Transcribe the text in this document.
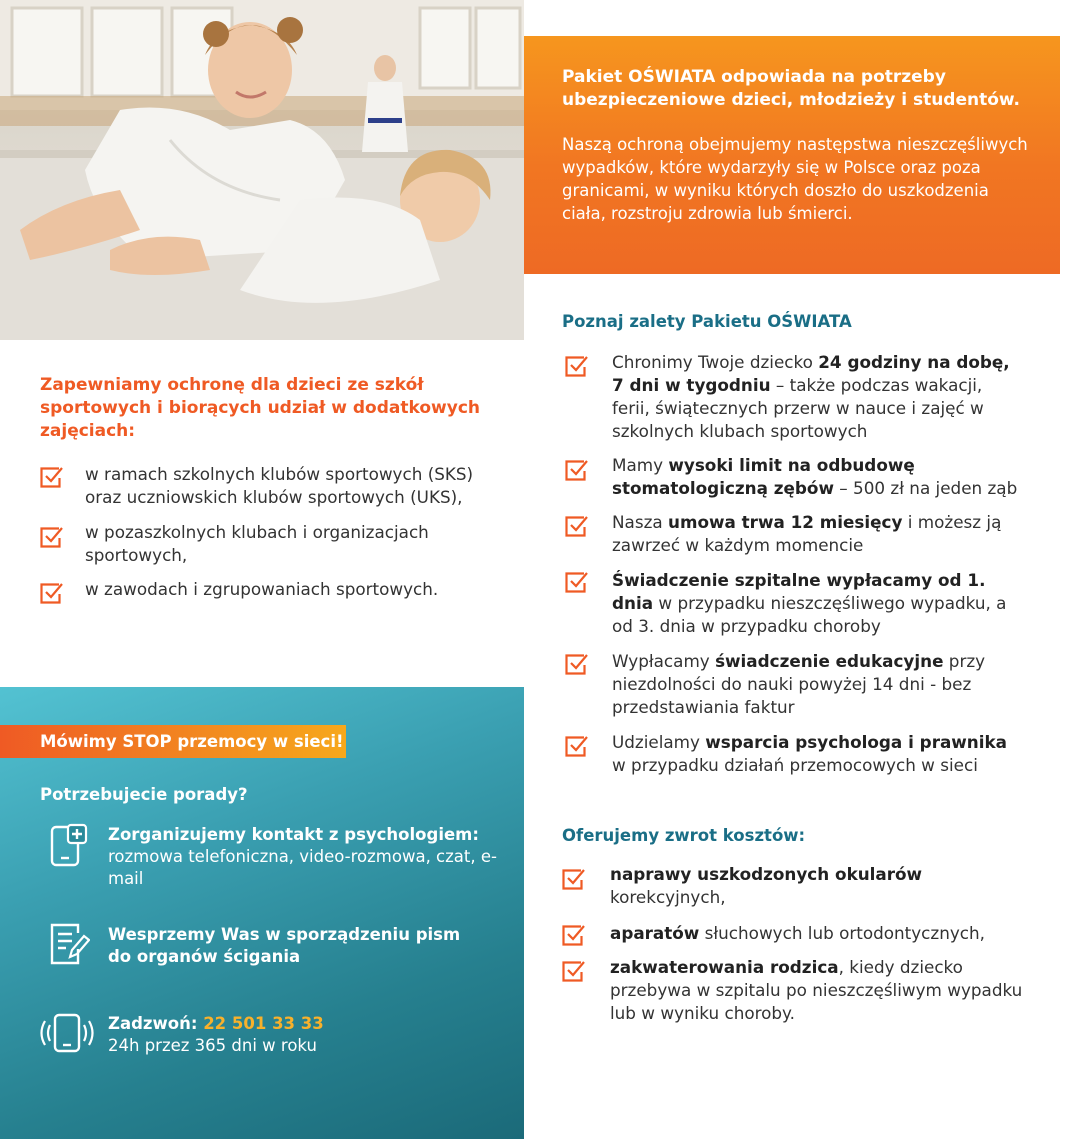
Pakiet OŚWIATA odpowiada na potrzeby ubezpieczeniowe dzieci, młodzieży i studentów.

Naszą ochroną obejmujemy następstwa nieszczęśliwych wypadków, które wydarzyły się w Polsce oraz poza granicami, w wyniku których doszło do uszkodzenia ciała, rozstroju zdrowia lub śmierci.

Zapewniamy ochronę dla dzieci ze szkół sportowych i biorących udział w dodatkowych zajęciach:

w ramach szkolnych klubów sportowych (SKS) oraz uczniowskich klubów sportowych (UKS),

w pozaszkolnych klubach i organizacjach sportowych,

w zawodach i zgrupowaniach sportowych.

Mówimy STOP przemocy w sieci!

Potrzebujecie porady?

Zorganizujemy kontakt z psychologiem:
rozmowa telefoniczna, video-rozmowa, czat, e-mail
Wesprzemy Was w sporządzeniu pism do organów ścigania
Zadzwoń: 22 501 33 33
24h przez 365 dni w roku
Poznaj zalety Pakietu OŚWIATA

Chronimy Twoje dziecko 24 godziny na dobę, 7 dni w tygodniu – także podczas wakacji, ferii, świątecznych przerw w nauce i zajęć w szkolnych klubach sportowych

Mamy wysoki limit na odbudowę stomatologiczną zębów – 500 zł na jeden ząb

Nasza umowa trwa 12 miesięcy i możesz ją zawrzeć w każdym momencie

Świadczenie szpitalne wypłacamy od 1. dnia w przypadku nieszczęśliwego wypadku, a od 3. dnia w przypadku choroby

Wypłacamy świadczenie edukacyjne przy niezdolności do nauki powyżej 14 dni - bez przedstawiania faktur

Udzielamy wsparcia psychologa i prawnika w przypadku działań przemocowych w sieci

Oferujemy zwrot kosztów:

naprawy uszkodzonych okularów korekcyjnych,

aparatów słuchowych lub ortodontycznych,

zakwaterowania rodzica, kiedy dziecko przebywa w szpitalu po nieszczęśliwym wypadku lub w wyniku choroby.
